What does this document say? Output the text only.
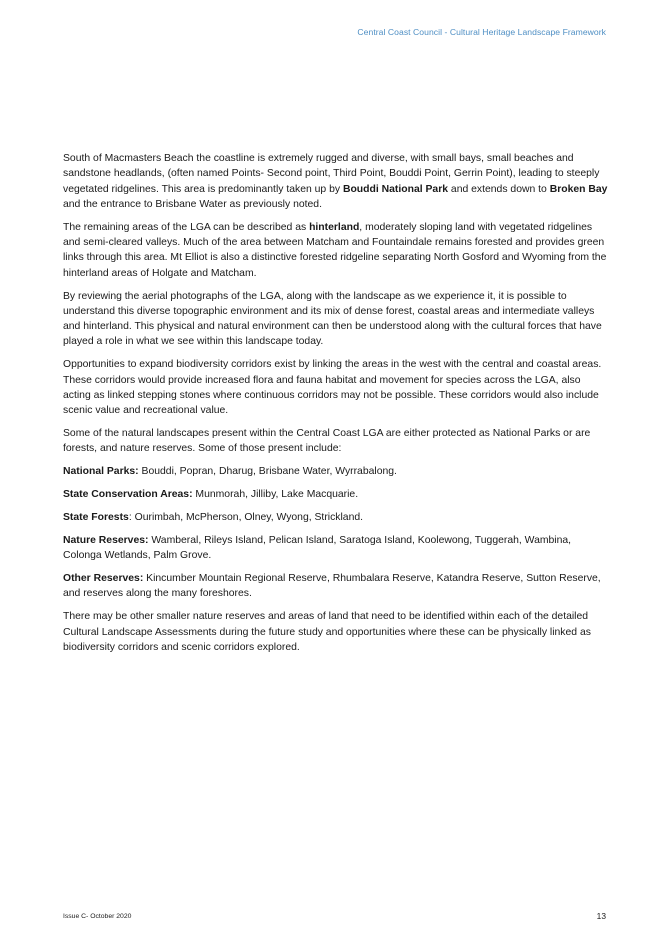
Central Coast Council - Cultural Heritage Landscape Framework

South of Macmasters Beach the coastline is extremely rugged and diverse, with small bays, small beaches and sandstone headlands, (often named Points- Second point, Third Point, Bouddi Point, Gerrin Point), leading to steeply vegetated ridgelines. This area is predominantly taken up by Bouddi National Park and extends down to Broken Bay and the entrance to Brisbane Water as previously noted.

The remaining areas of the LGA can be described as hinterland, moderately sloping land with vegetated ridgelines and semi-cleared valleys. Much of the area between Matcham and Fountaindale remains forested and provides green links through this area. Mt Elliot is also a distinctive forested ridgeline separating North Gosford and Wyoming from the hinterland areas of Holgate and Matcham.

By reviewing the aerial photographs of the LGA, along with the landscape as we experience it, it is possible to understand this diverse topographic environment and its mix of dense forest, coastal areas and intermediate valleys and hinterland. This physical and natural environment can then be understood along with the cultural forces that have played a role in what we see within this landscape today.

Opportunities to expand biodiversity corridors exist by linking the areas in the west with the central and coastal areas. These corridors would provide increased flora and fauna habitat and movement for species across the LGA, also acting as linked stepping stones where continuous corridors may not be possible. These corridors would also include scenic value and recreational value.

Some of the natural landscapes present within the Central Coast LGA are either protected as National Parks or are forests, and nature reserves. Some of those present include:

National Parks: Bouddi, Popran, Dharug, Brisbane Water, Wyrrabalong.

State Conservation Areas: Munmorah, Jilliby, Lake Macquarie.

State Forests: Ourimbah, McPherson, Olney, Wyong, Strickland.

Nature Reserves: Wamberal, Rileys Island, Pelican Island, Saratoga Island, Koolewong, Tuggerah, Wambina, Colonga Wetlands, Palm Grove.

Other Reserves: Kincumber Mountain Regional Reserve, Rhumbalara Reserve, Katandra Reserve, Sutton Reserve, and reserves along the many foreshores.

There may be other smaller nature reserves and areas of land that need to be identified within each of the detailed Cultural Landscape Assessments during the future study and opportunities where these can be physically linked as biodiversity corridors and scenic corridors explored.

Issue C- October 2020	13
